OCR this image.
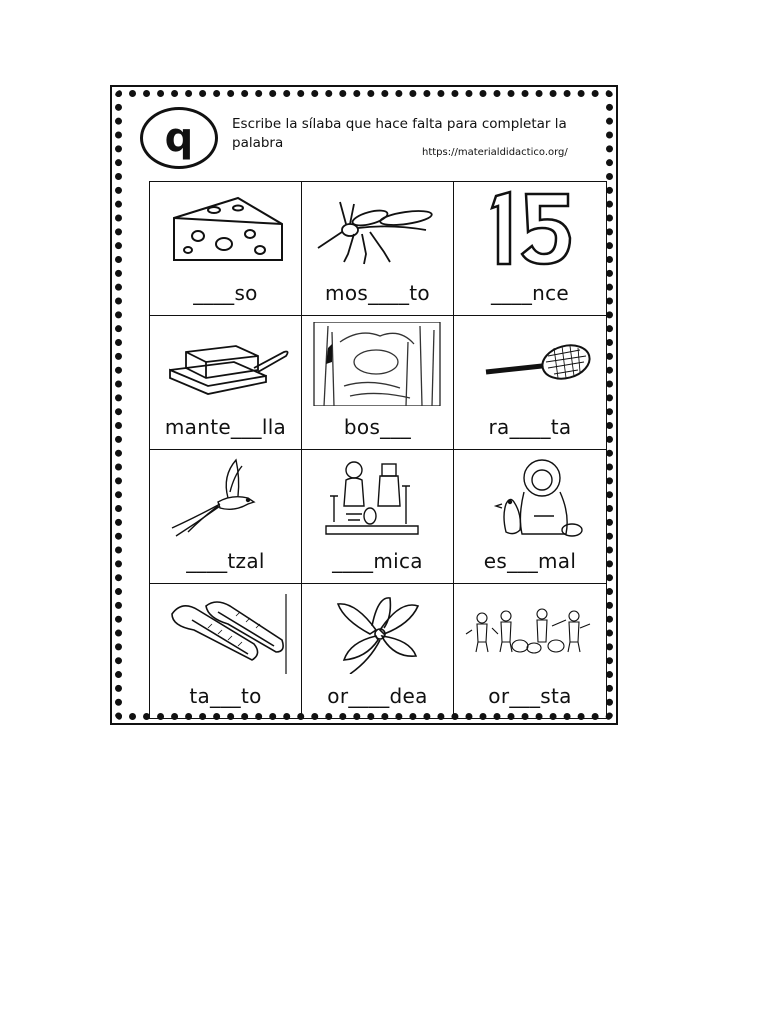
q	Escribe la sílaba que hace falta para completar la palabra
https://materialdidactico.org/
____so	mos____to	____nce
mante___lla	bos___	ra____ta
____tzal	____mica	es___mal
ta___to	or____dea	or___sta
